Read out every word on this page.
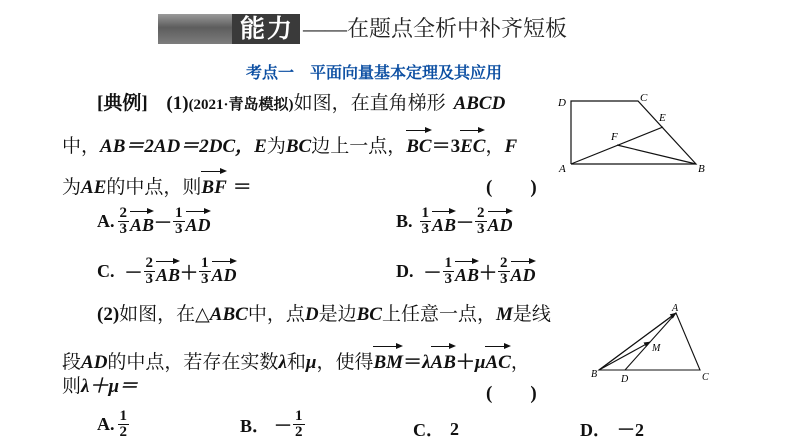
能力 ——在题点全析中补齐短板
考点一　平面向量基本定理及其应用
[典例] (1)(2021·青岛模拟)如图，在直角梯形 ABCD
中，AB＝2AD＝2DC，E为BC边上一点，BC＝3EC，F
为AE的中点，则BF ＝	(　　)
A. $\frac{2}{3}$ AB － $\frac{1}{3}$ AD	B. $\frac{1}{3}$ AB － $\frac{2}{3}$ AD
C. － $\frac{2}{3}$ AB ＋ $\frac{1}{3}$ AD	D. － $\frac{1}{3}$ AB ＋ $\frac{2}{3}$ AD
(2)如图，在△ABC中，点D是边BC上任意一点，M是线
段AD的中点，若存在实数λ和μ，使得BM＝λAB＋μAC，
则λ＋μ＝	(　　)
A. $\frac{1}{2}$	B． － $\frac{1}{2}$	C． 2	D． －2
D	C
E
F
A	B
A
M
B D	C
